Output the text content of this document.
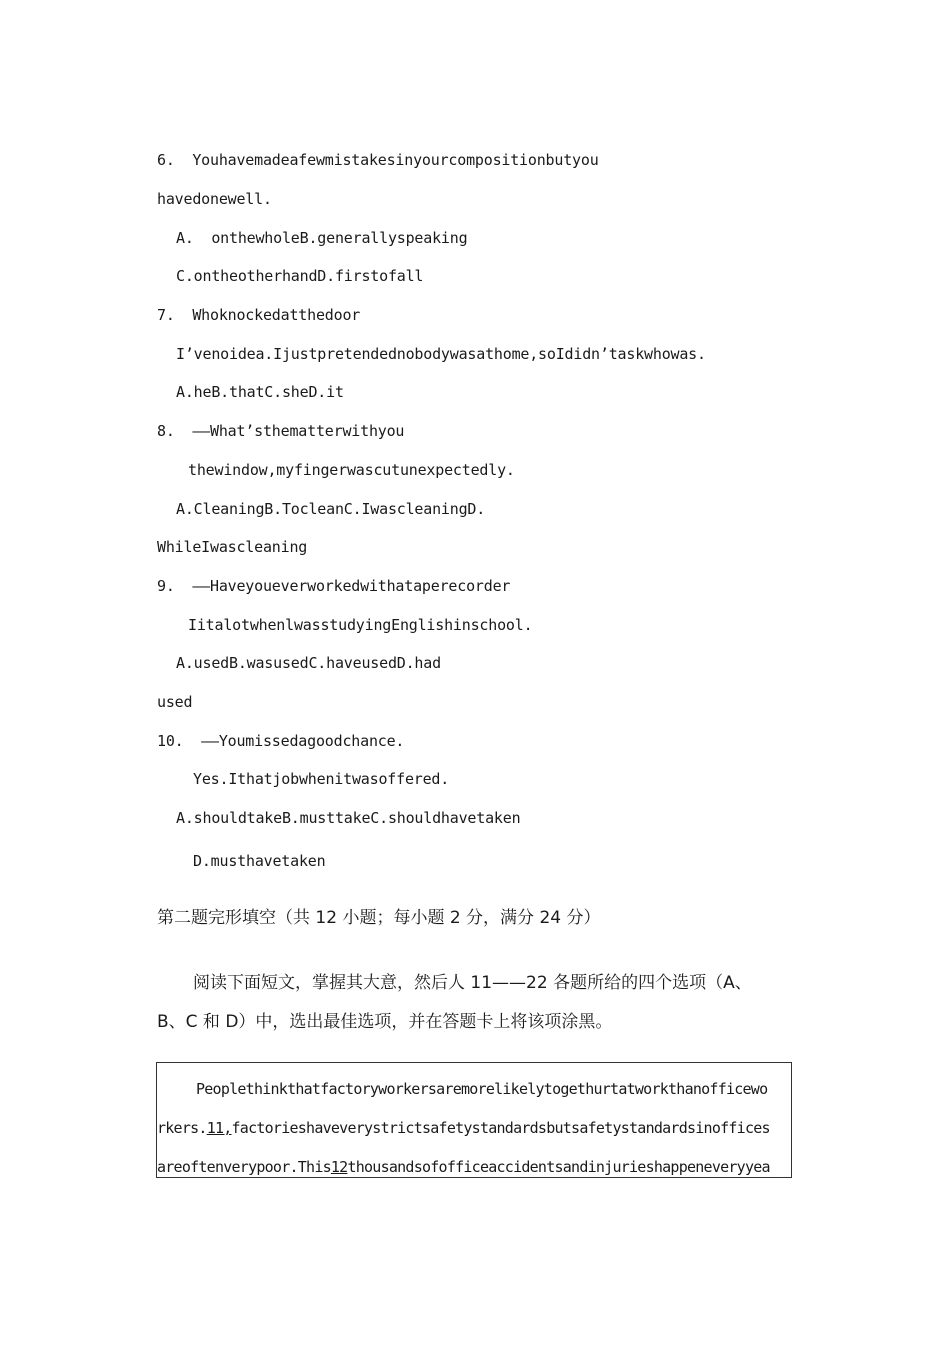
6.  Youhavemadeafewmistakesinyourcompositionbutyou
havedonewell.
A.  onthewholeB.generallyspeaking
C.ontheotherhandD.firstofall
7.  Whoknockedatthedoor
I’venoidea.Ijustpretendednobodywasathome,soIdidn’taskwhowas.
A.heB.thatC.sheD.it
8.  ——What’sthematterwithyou
thewindow,myfingerwascutunexpectedly.
A.CleaningB.TocleanC.IwascleaningD.
WhileIwascleaning
9.  ——Haveyoueverworkedwithataperecorder
IitalotwhenlwasstudyingEnglishinschool.
A.usedB.wasusedC.haveusedD.had
used
10.  ——Youmissedagoodchance.
Yes.Ithatjobwhenitwasoffered.
A.shouldtakeB.musttakeC.shouldhavetaken
D.musthavetaken
第二题完形填空（共 12 小题；每小题 2 分，满分 24 分）
阅读下面短文，掌握其大意，然后人 11——22 各题所给的四个选项（A、
B、C 和 D）中，选出最佳选项，并在答题卡上将该项涂黑。
Peoplethinkthatfactoryworkersaremorelikelytogethurtatworkthanofficewo
rkers.11,factorieshaveverystrictsafetystandardsbutsafetystandardsinoffices
areoftenverypoor.This12thousandsofofficeaccidentsandinjurieshappeneveryyea
